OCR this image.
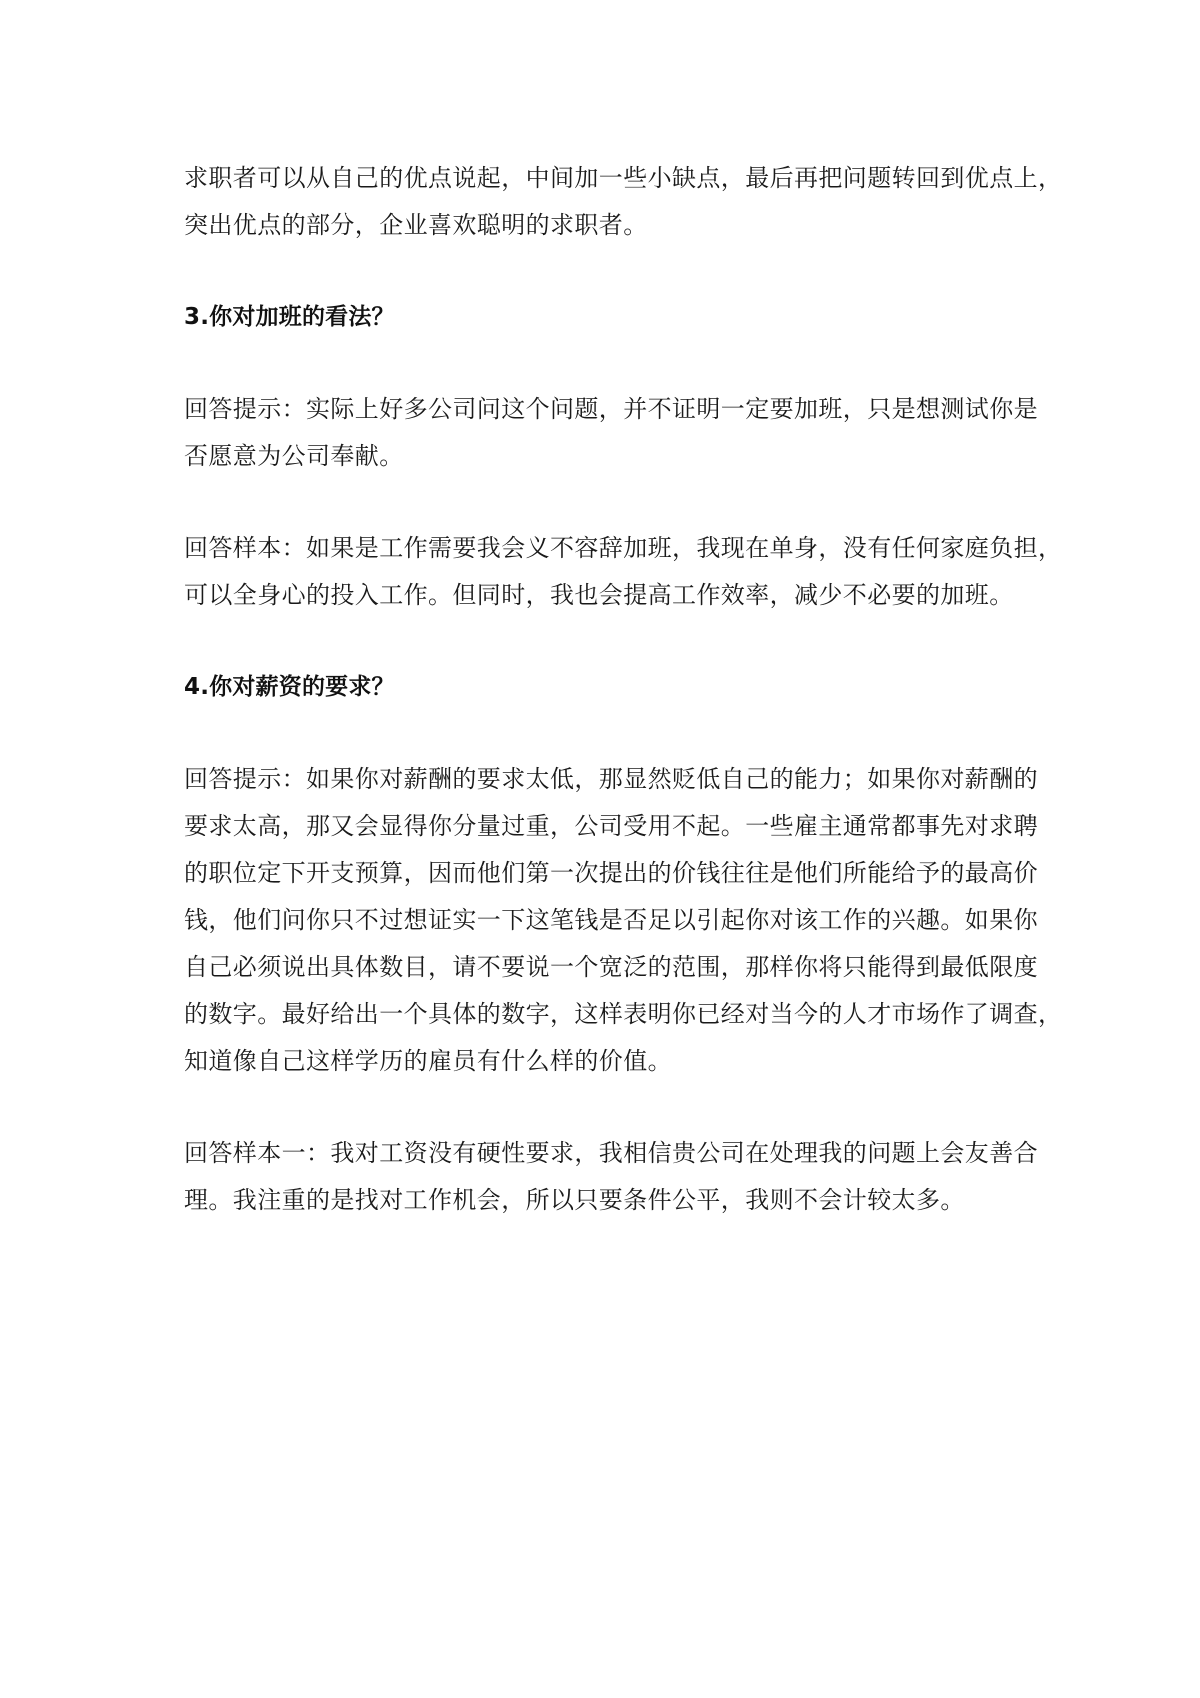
求职者可以从自己的优点说起，中间加一些小缺点，最后再把问题转回到优点上，
突出优点的部分，企业喜欢聪明的求职者。
3.你对加班的看法？
回答提示：实际上好多公司问这个问题，并不证明一定要加班，只是想测试你是
否愿意为公司奉献。
回答样本：如果是工作需要我会义不容辞加班，我现在单身，没有任何家庭负担，
可以全身心的投入工作。但同时，我也会提高工作效率，减少不必要的加班。
4.你对薪资的要求？
回答提示：如果你对薪酬的要求太低，那显然贬低自己的能力；如果你对薪酬的
要求太高，那又会显得你分量过重，公司受用不起。一些雇主通常都事先对求聘
的职位定下开支预算，因而他们第一次提出的价钱往往是他们所能给予的最高价
钱，他们问你只不过想证实一下这笔钱是否足以引起你对该工作的兴趣。如果你
自己必须说出具体数目，请不要说一个宽泛的范围，那样你将只能得到最低限度
的数字。最好给出一个具体的数字，这样表明你已经对当今的人才市场作了调查，
知道像自己这样学历的雇员有什么样的价值。
回答样本一：我对工资没有硬性要求，我相信贵公司在处理我的问题上会友善合
理。我注重的是找对工作机会，所以只要条件公平，我则不会计较太多。
